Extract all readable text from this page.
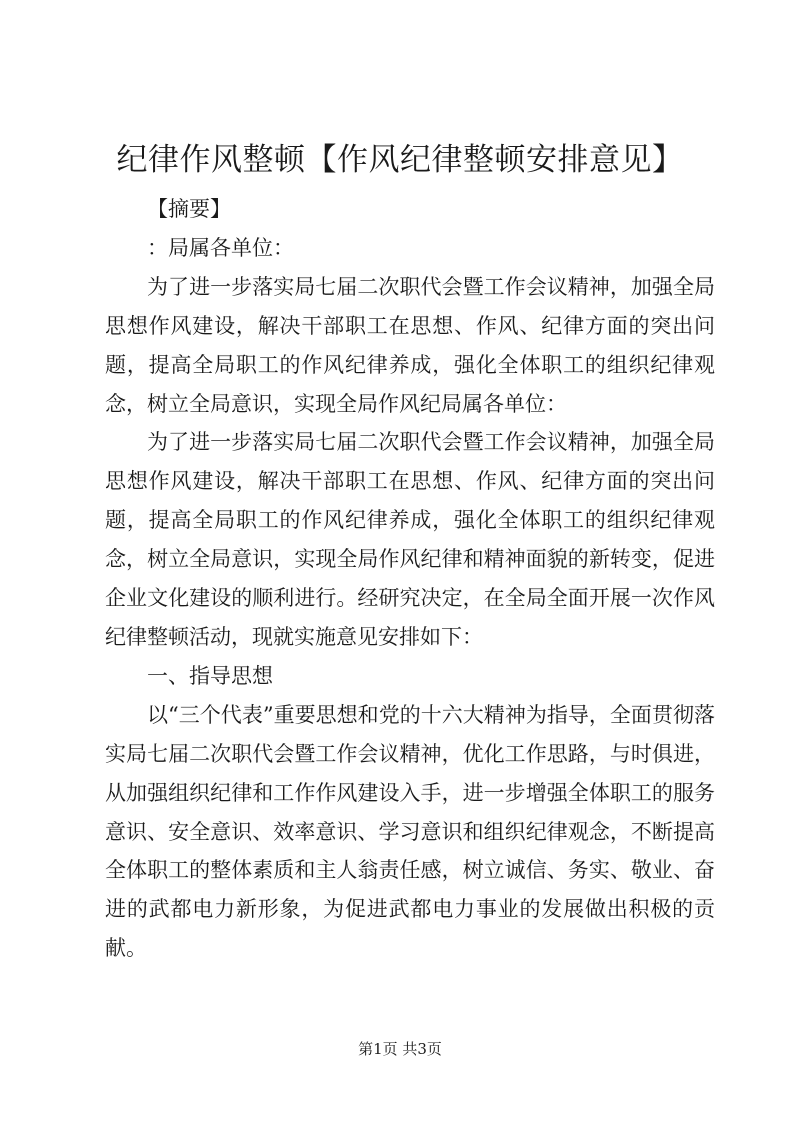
纪律作风整顿【作风纪律整顿安排意见】

【摘要】

：局属各单位：

为了进一步落实局七届二次职代会暨工作会议精神，加强全局思想作风建设，解决干部职工在思想、作风、纪律方面的突出问题，提高全局职工的作风纪律养成，强化全体职工的组织纪律观念，树立全局意识，实现全局作风纪局属各单位：

为了进一步落实局七届二次职代会暨工作会议精神，加强全局思想作风建设，解决干部职工在思想、作风、纪律方面的突出问题，提高全局职工的作风纪律养成，强化全体职工的组织纪律观念，树立全局意识，实现全局作风纪律和精神面貌的新转变，促进企业文化建设的顺利进行。经研究决定，在全局全面开展一次作风纪律整顿活动，现就实施意见安排如下：

一、指导思想

以“三个代表”重要思想和党的十六大精神为指导，全面贯彻落实局七届二次职代会暨工作会议精神，优化工作思路，与时俱进，从加强组织纪律和工作作风建设入手，进一步增强全体职工的服务意识、安全意识、效率意识、学习意识和组织纪律观念，不断提高全体职工的整体素质和主人翁责任感，树立诚信、务实、敬业、奋进的武都电力新形象，为促进武都电力事业的发展做出积极的贡献。

第1页 共3页
